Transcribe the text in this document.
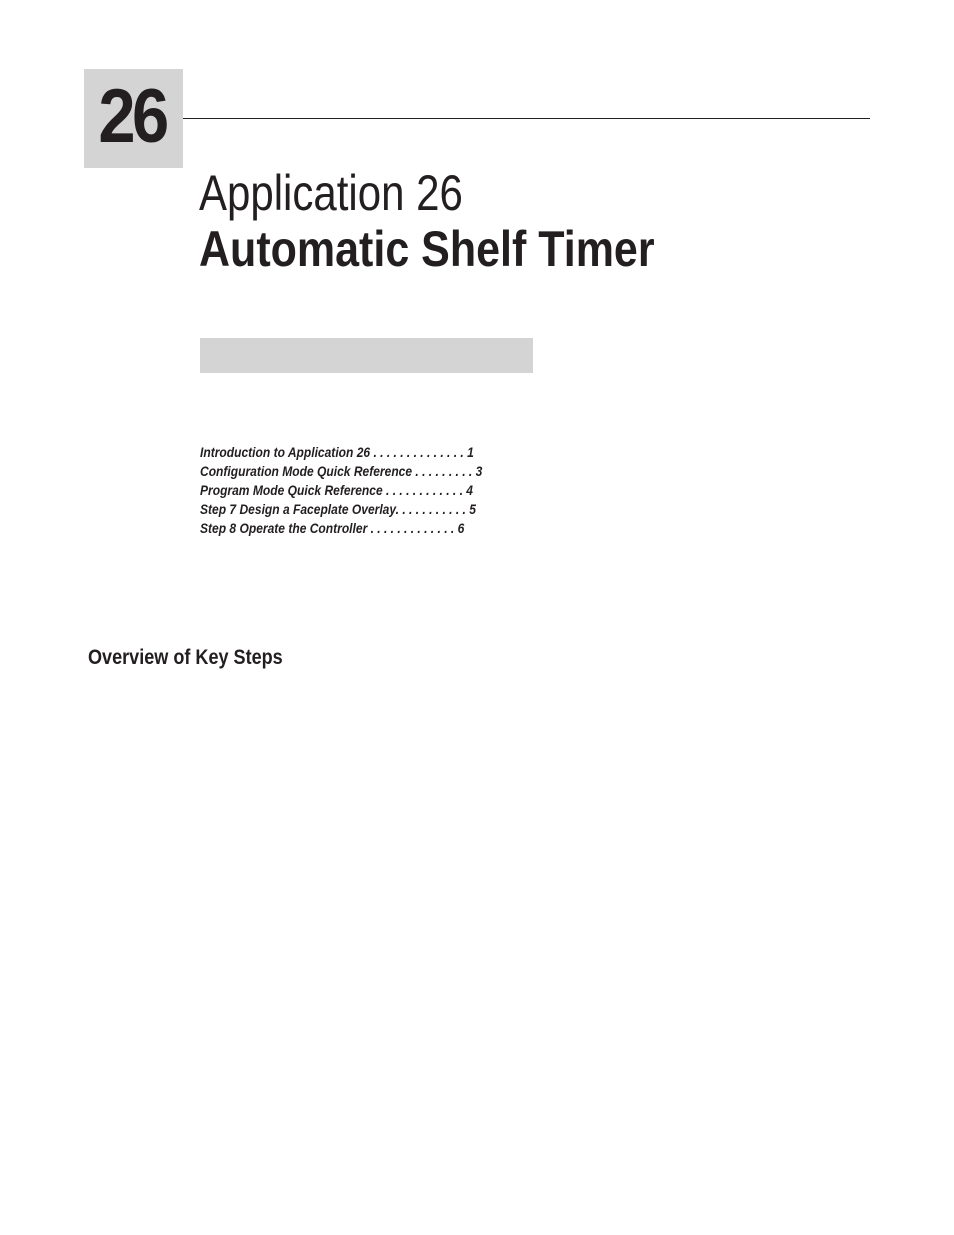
26
Application 26
Automatic Shelf Timer
Introduction to Application 26 . . . . . . . . . . . . . . 1
Configuration Mode Quick Reference . . . . . . . . . 3
Program Mode Quick Reference . . . . . . . . . . . . 4
Step 7 Design a Faceplate Overlay. . . . . . . . . . . 5
Step 8 Operate the Controller . . . . . . . . . . . . . 6
Overview of Key Steps
